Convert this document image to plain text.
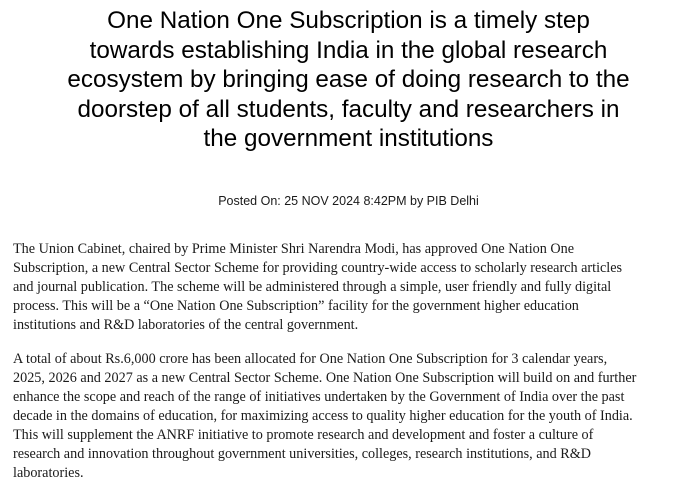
One Nation One Subscription is a timely step
towards establishing India in the global research
ecosystem by bringing ease of doing research to the
doorstep of all students, faculty and researchers in
the government institutions
Posted On: 25 NOV 2024 8:42PM by PIB Delhi

The Union Cabinet, chaired by Prime Minister Shri Narendra Modi, has approved One Nation One
Subscription, a new Central Sector Scheme for providing country-wide access to scholarly research articles
and journal publication. The scheme will be administered through a simple, user friendly and fully digital
process. This will be a “One Nation One Subscription” facility for the government higher education
institutions and R&D laboratories of the central government.

A total of about Rs.6,000 crore has been allocated for One Nation One Subscription for 3 calendar years,
2025, 2026 and 2027 as a new Central Sector Scheme. One Nation One Subscription will build on and further
enhance the scope and reach of the range of initiatives undertaken by the Government of India over the past
decade in the domains of education, for maximizing access to quality higher education for the youth of India.
This will supplement the ANRF initiative to promote research and development and foster a culture of
research and innovation throughout government universities, colleges, research institutions, and R&D
laboratories.
